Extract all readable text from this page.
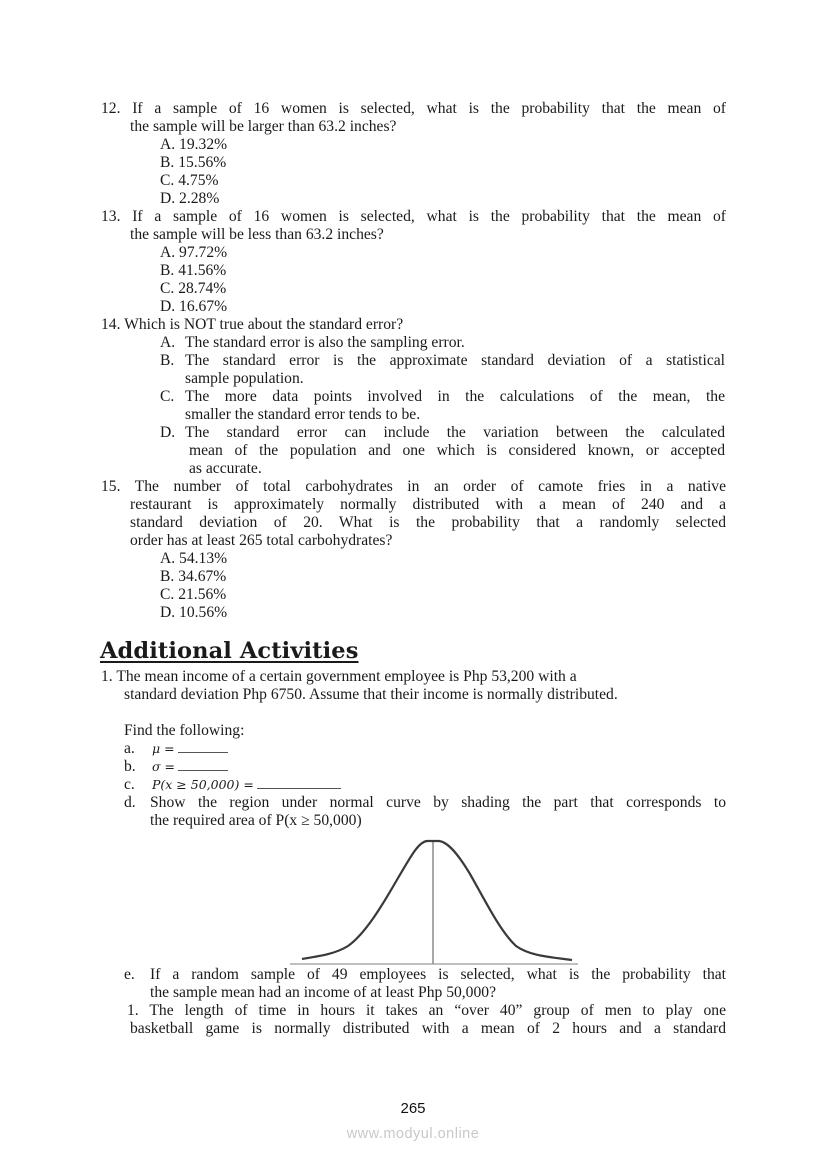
12. If a sample of 16 women is selected, what is the probability that the mean of
the sample will be larger than 63.2 inches?
A. 19.32%
B. 15.56%
C. 4.75%
D. 2.28%
13. If a sample of 16 women is selected, what is the probability that the mean of
the sample will be less than 63.2 inches?
A. 97.72%
B. 41.56%
C. 28.74%
D. 16.67%
14. Which is NOT true about the standard error?
A. The standard error is also the sampling error.
B. The standard error is the approximate standard deviation of a statistical
sample population.
C. The more data points involved in the calculations of the mean, the
smaller the standard error tends to be.
D. The standard error can include the variation between the calculated
mean of the population and one which is considered known, or accepted
as accurate.
15. The number of total carbohydrates in an order of camote fries in a native
restaurant is approximately normally distributed with a mean of 240 and a
standard deviation of 20. What is the probability that a randomly selected
order has at least 265 total carbohydrates?
A. 54.13%
B. 34.67%
C. 21.56%
D. 10.56%
Additional Activities
1. The mean income of a certain government employee is Php 53,200 with a
standard deviation Php 6750. Assume that their income is normally distributed.
Find the following:
a. μ =
b. σ =
c. P(x ≥ 50,000) =
d. Show the region under normal curve by shading the part that corresponds to
the required area of P(x ≥ 50,000)
e. If a random sample of 49 employees is selected, what is the probability that
the sample mean had an income of at least Php 50,000?
1. The length of time in hours it takes an “over 40” group of men to play one
basketball game is normally distributed with a mean of 2 hours and a standard
265
www.modyul.online
